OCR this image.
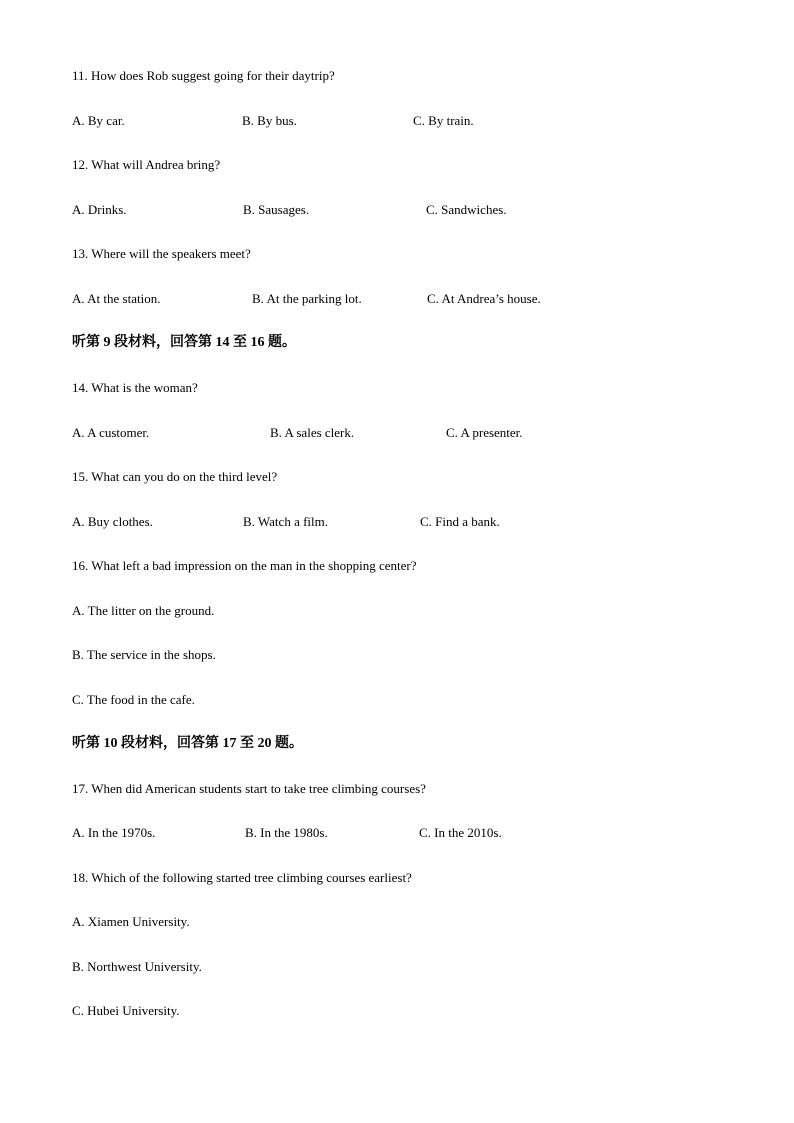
11. How does Rob suggest going for their daytrip?
A. By car.	B. By bus.	C. By train.
12. What will Andrea bring?
A. Drinks.	B. Sausages.	C. Sandwiches.
13. Where will the speakers meet?
A. At the station.	B. At the parking lot.	C. At Andrea’s house.
听第 9 段材料，回答第 14 至 16 题。
14. What is the woman?
A. A customer.	B. A sales clerk.	C. A presenter.
15. What can you do on the third level?
A. Buy clothes.	B. Watch a film.	C. Find a bank.
16. What left a bad impression on the man in the shopping center?
A. The litter on the ground.
B. The service in the shops.
C. The food in the cafe.
听第 10 段材料，回答第 17 至 20 题。
17. When did American students start to take tree climbing courses?
A. In the 1970s.	B. In the 1980s.	C. In the 2010s.
18. Which of the following started tree climbing courses earliest?
A. Xiamen University.
B. Northwest University.
C. Hubei University.
